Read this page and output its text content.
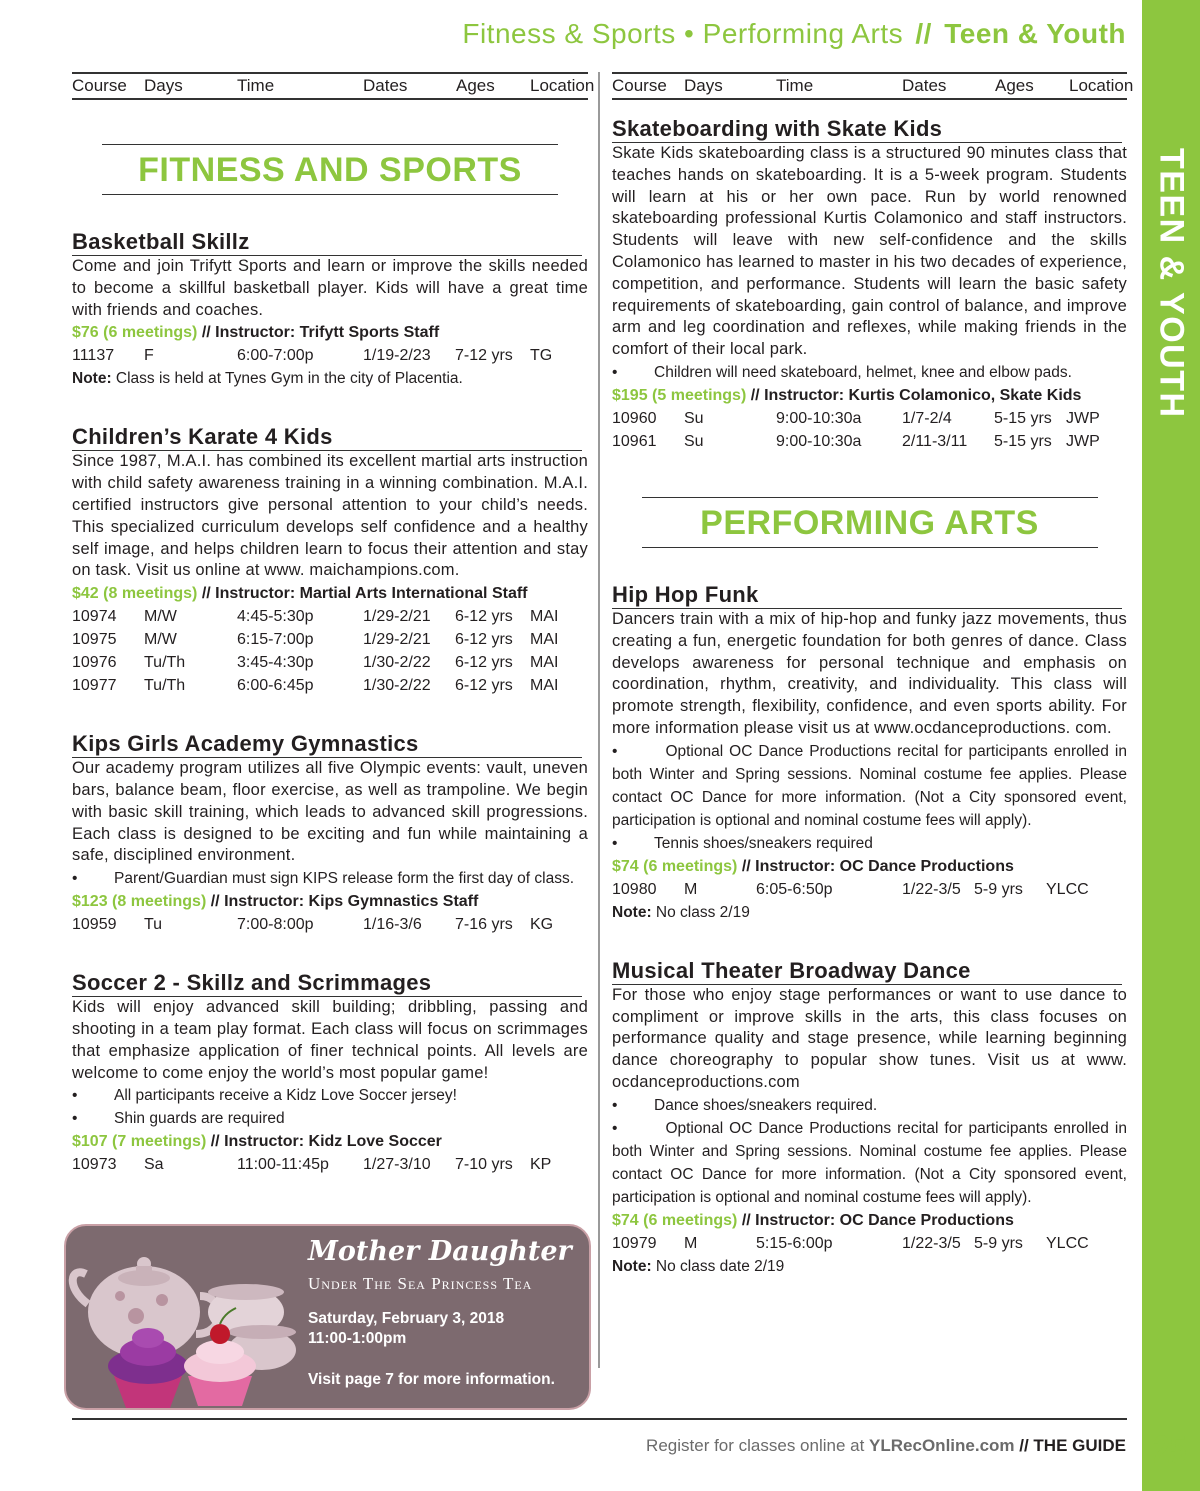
Fitness & Sports • Performing Arts // Teen & Youth
TEEN & YOUTH
25
Course	Days	Time	Dates	Ages	Location
FITNESS AND SPORTS
Basketball Skillz
Come and join Trifytt Sports and learn or improve the skills needed to become a skillful basketball player. Kids will have a great time with friends and coaches.
$76 (6 meetings) // Instructor: Trifytt Sports Staff
11137	F	6:00-7:00p	1/19-2/23	7-12 yrs	TG
Note: Class is held at Tynes Gym in the city of Placentia.
Children’s Karate 4 Kids
Since 1987, M.A.I. has combined its excellent martial arts instruction with child safety awareness training in a winning combination. M.A.I. certified instructors give personal attention to your child’s needs. This specialized curriculum develops self confidence and a healthy self image, and helps children learn to focus their attention and stay on task. Visit us online at www. maichampions.com.
$42 (8 meetings) // Instructor: Martial Arts International Staff
10974	M/W	4:45-5:30p	1/29-2/21	6-12 yrs	MAI
10975	M/W	6:15-7:00p	1/29-2/21	6-12 yrs	MAI
10976	Tu/Th	3:45-4:30p	1/30-2/22	6-12 yrs	MAI
10977	Tu/Th	6:00-6:45p	1/30-2/22	6-12 yrs	MAI
Kips Girls Academy Gymnastics
Our academy program utilizes all five Olympic events: vault, uneven bars, balance beam, floor exercise, as well as trampoline. We begin with basic skill training, which leads to advanced skill progressions. Each class is designed to be exciting and fun while maintaining a safe, disciplined environment.
•	Parent/Guardian must sign KIPS release form the first day of class.
$123 (8 meetings) // Instructor: Kips Gymnastics Staff
10959	Tu	7:00-8:00p	1/16-3/6	7-16 yrs	KG
Soccer 2 - Skillz and Scrimmages
Kids will enjoy advanced skill building; dribbling, passing and shooting in a team play format. Each class will focus on scrimmages that emphasize application of finer technical points. All levels are welcome to come enjoy the world’s most popular game!
•	All participants receive a Kidz Love Soccer jersey!
•	Shin guards are required
$107 (7 meetings) // Instructor: Kidz Love Soccer
10973	Sa	11:00-11:45p	1/27-3/10	7-10 yrs	KP
Mother Daughter
Under The Sea Princess Tea
Saturday, February 3, 2018
11:00-1:00pm
Visit page 7 for more information.
Course	Days	Time	Dates	Ages	Location
Skateboarding with Skate Kids
Skate Kids skateboarding class is a structured 90 minutes class that teaches hands on skateboarding. It is a 5-week program. Students will learn at his or her own pace. Run by world renowned skateboarding professional Kurtis Colamonico and staff instructors. Students will leave with new self-confidence and the skills Colamonico has learned to master in his two decades of experience, competition, and performance. Students will learn the basic safety requirements of skateboarding, gain control of balance, and improve arm and leg coordination and reflexes, while making friends in the comfort of their local park.
•	Children will need skateboard, helmet, knee and elbow pads.
$195 (5 meetings) // Instructor: Kurtis Colamonico, Skate Kids
10960	Su	9:00-10:30a	1/7-2/4	5-15 yrs JWP
10961	Su	9:00-10:30a	2/11-3/11	5-15 yrs JWP
PERFORMING ARTS
Hip Hop Funk
Dancers train with a mix of hip-hop and funky jazz movements, thus creating a fun, energetic foundation for both genres of dance. Class develops awareness for personal technique and emphasis on coordination, rhythm, creativity, and individuality. This class will promote strength, flexibility, confidence, and even sports ability. For more information please visit us at www.ocdanceproductions. com.
•	Optional OC Dance Productions recital for participants enrolled in both Winter and Spring sessions. Nominal costume fee applies. Please contact OC Dance for more information. (Not a City sponsored event, participation is optional and nominal costume fees will apply).
•	Tennis shoes/sneakers required
$74 (6 meetings) // Instructor: OC Dance Productions
10980	M	6:05-6:50p	1/22-3/5 5-9 yrs	YLCC
Note: No class 2/19
Musical Theater Broadway Dance
For those who enjoy stage performances or want to use dance to compliment or improve skills in the arts, this class focuses on performance quality and stage presence, while learning beginning dance choreography to popular show tunes. Visit us at www. ocdanceproductions.com
•	Dance shoes/sneakers required.
•	Optional OC Dance Productions recital for participants enrolled in both Winter and Spring sessions. Nominal costume fee applies. Please contact OC Dance for more information. (Not a City sponsored event, participation is optional and nominal costume fees will apply).
$74 (6 meetings) // Instructor: OC Dance Productions
10979	M	5:15-6:00p	1/22-3/5 5-9 yrs	YLCC
Note: No class date 2/19
Register for classes online at YLRecOnline.com // THE GUIDE
